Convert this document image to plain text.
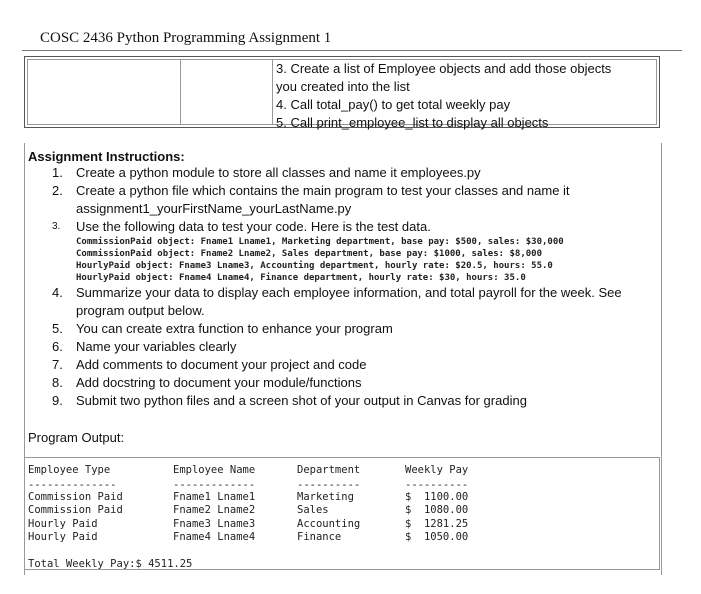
COSC 2436 Python Programming Assignment 1
3. Create a list of Employee objects and add those objects
you created into the list
4. Call total_pay() to get total weekly pay
5. Call print_employee_list to display all objects
Assignment Instructions:
1. Create a python module to store all classes and name it employees.py
2. Create a python file which contains the main program to test your classes and name it
assignment1_yourFirstName_yourLastName.py
3. Use the following data to test your code. Here is the test data.
CommissionPaid object: Fname1 Lname1, Marketing department, base pay: $500, sales: $30,000
CommissionPaid object: Fname2 Lname2, Sales department, base pay: $1000, sales: $8,000
HourlyPaid object: Fname3 Lname3, Accounting department, hourly rate: $20.5, hours: 55.0
HourlyPaid object: Fname4 Lname4, Finance department, hourly rate: $30, hours: 35.0
4. Summarize your data to display each employee information, and total payroll for the week. See
program output below.
5. You can create extra function to enhance your program
6. Name your variables clearly
7. Add comments to document your project and code
8. Add docstring to document your module/functions
9. Submit two python files and a screen shot of your output in Canvas for grading
Program Output:
Employee Type	Employee Name	Department	Weekly Pay
--------------	-------------	----------	----------
Commission Paid	Fname1 Lname1	Marketing	$  1100.00
Commission Paid	Fname2 Lname2	Sales	$  1080.00
Hourly Paid	Fname3 Lname3	Accounting	$  1281.25
Hourly Paid	Fname4 Lname4	Finance	$  1050.00
Total Weekly Pay:$ 4511.25
